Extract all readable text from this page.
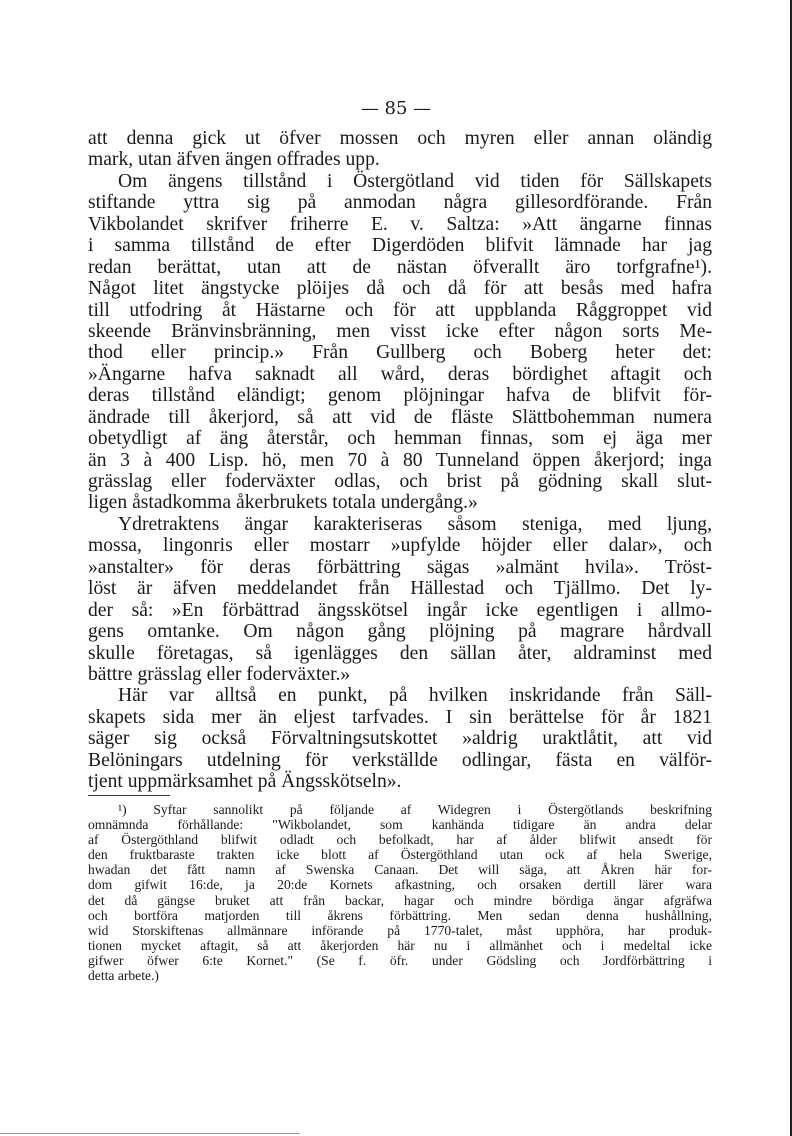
— 85 —
att denna gick ut öfver mossen och myren eller annan oländig
mark, utan äfven ängen offrades upp.
Om ängens tillstånd i Östergötland vid tiden för Sällskapets
stiftande yttra sig på anmodan några gillesordförande. Från
Vikbolandet skrifver friherre E. v. Saltza: »Att ängarne finnas
i samma tillstånd de efter Digerdöden blifvit lämnade har jag
redan berättat, utan att de nästan öfverallt äro torfgrafne¹).
Något litet ängstycke plöijes då och då för att besås med hafra
till utfodring åt Hästarne och för att uppblanda Råggroppet vid
skeende Bränvinsbränning, men visst icke efter någon sorts Me-
thod eller princip.» Från Gullberg och Boberg heter det:
»Ängarne hafva saknadt all wård, deras bördighet aftagit och
deras tillstånd eländigt; genom plöjningar hafva de blifvit för-
ändrade till åkerjord, så att vid de fläste Slättbohemman numera
obetydligt af äng återstår, och hemman finnas, som ej äga mer
än 3 à 400 Lisp. hö, men 70 à 80 Tunneland öppen åkerjord; inga
grässlag eller foderväxter odlas, och brist på gödning skall slut-
ligen åstadkomma åkerbrukets totala undergång.»
Ydretraktens ängar karakteriseras såsom steniga, med ljung,
mossa, lingonris eller mostarr »upfylde höjder eller dalar», och
»anstalter» för deras förbättring sägas »almänt hvila». Tröst-
löst är äfven meddelandet från Hällestad och Tjällmo. Det ly-
der så: »En förbättrad ängsskötsel ingår icke egentligen i allmo-
gens omtanke. Om någon gång plöjning på magrare hårdvall
skulle företagas, så igenlägges den sällan åter, aldraminst med
bättre grässlag eller foderväxter.»
Här var alltså en punkt, på hvilken inskridande från Säll-
skapets sida mer än eljest tarfvades. I sin berättelse för år 1821
säger sig också Förvaltningsutskottet »aldrig uraktlåtit, att vid
Belöningars utdelning för verkställde odlingar, fästa en välför-
tjent uppmärksamhet på Ängsskötseln».
¹) Syftar sannolikt på följande af Widegren i Östergötlands beskrifning
omnämnda förhållande: "Wikbolandet, som kanhända tidigare än andra delar
af Östergöthland blifwit odladt och befolkadt, har af ålder blifwit ansedt för
den fruktbaraste trakten icke blott af Östergöthland utan ock af hela Swerige,
hwadan det fått namn af Swenska Canaan. Det will säga, att Åkren här for-
dom gifwit 16:de, ja 20:de Kornets afkastning, och orsaken dertill lärer wara
det då gängse bruket att från backar, hagar och mindre bördiga ängar afgräfwa
och bortföra matjorden till åkrens förbättring. Men sedan denna hushållning,
wid Storskiftenas allmännare införande på 1770-talet, måst upphöra, har produk-
tionen mycket aftagit, så att åkerjorden här nu i allmänhet och i medeltal icke
gifwer öfwer 6:te Kornet." (Se f. öfr. under Gödsling och Jordförbättring i
detta arbete.)
